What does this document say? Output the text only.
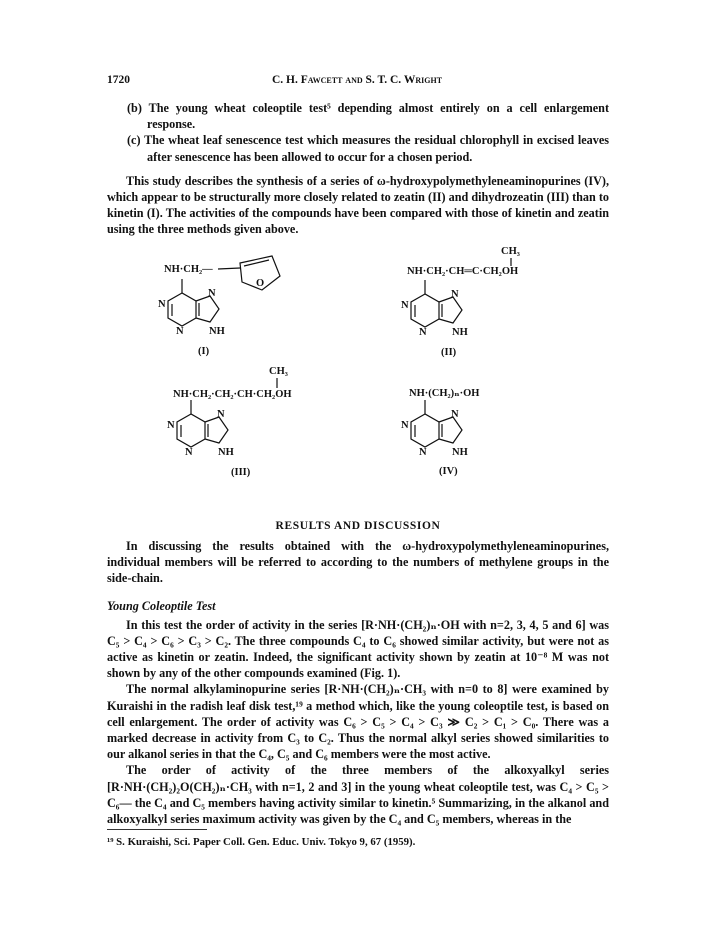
1720	C. H. Fawcett and S. T. C. Wright

(b) The young wheat coleoptile test⁵ depending almost entirely on a cell enlargement response.

(c) The wheat leaf senescence test which measures the residual chlorophyll in excised leaves after senescence has been allowed to occur for a chosen period.

This study describes the synthesis of a series of ω-hydroxypolymethyleneaminopurines (IV), which appear to be structurally more closely related to zeatin (II) and dihydrozeatin (III) than to kinetin (I). The activities of the compounds have been compared with those of kinetin and zeatin using the three methods given above.

NH·CH₂—
O
N
N
N NH
(I)
CH₃
NH·CH₂·CH═C·CH₂OH
N
N
N NH
(II)
CH₃
NH·CH₂·CH₂·CH·CH₂OH
N
N
N NH
(III)
NH·(CH₂)ₙ·OH
N
N
N NH
(IV)
RESULTS AND DISCUSSION

In discussing the results obtained with the ω-hydroxypolymethyleneaminopurines, individual members will be referred to according to the numbers of methylene groups in the side-chain.

Young Coleoptile Test

In this test the order of activity in the series [R·NH·(CH₂)ₙ·OH with n=2, 3, 4, 5 and 6] was C₅ > C₄ > C₆ > C₃ > C₂. The three compounds C₄ to C₆ showed similar activity, but were not as active as kinetin or zeatin. Indeed, the significant activity shown by zeatin at 10⁻⁸ M was not shown by any of the other compounds examined (Fig. 1).

The normal alkylaminopurine series [R·NH·(CH₂)ₙ·CH₃ with n=0 to 8] were examined by Kuraishi in the radish leaf disk test,¹⁹ a method which, like the young coleoptile test, is based on cell enlargement. The order of activity was C₆ > C₅ > C₄ > C₃ ≫ C₂ > C₁ > C₀. There was a marked decrease in activity from C₃ to C₂. Thus the normal alkyl series showed similarities to our alkanol series in that the C₄, C₅ and C₆ members were the most active.

The order of activity of the three members of the alkoxyalkyl series [R·NH·(CH₂)₂O(CH₂)ₙ·CH₃ with n=1, 2 and 3] in the young wheat coleoptile test, was C₄ > C₅ > C₆— the C₄ and C₅ members having activity similar to kinetin.⁵ Summarizing, in the alkanol and alkoxyalkyl series maximum activity was given by the C₄ and C₅ members, whereas in the

¹⁹ S. Kuraishi, Sci. Paper Coll. Gen. Educ. Univ. Tokyo 9, 67 (1959).
